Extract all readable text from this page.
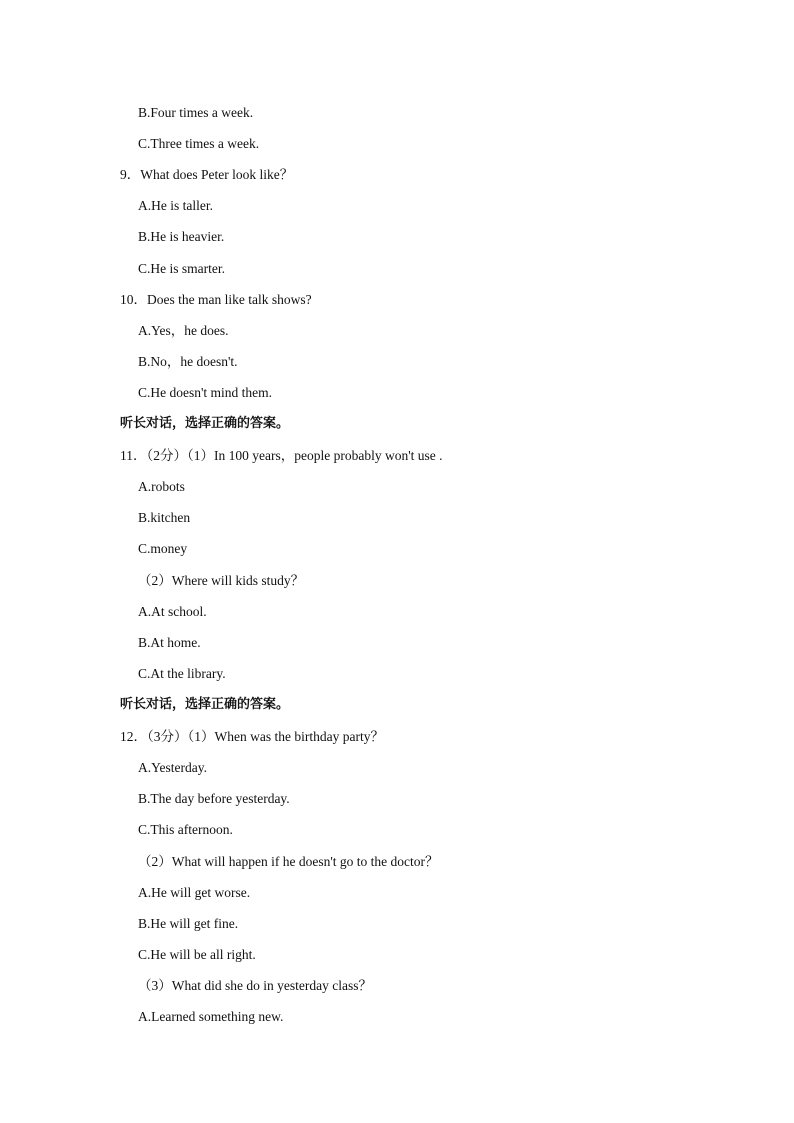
B.Four times a week.
C.Three times a week.
9．What does Peter look like？
A.He is taller.
B.He is heavier.
C.He is smarter.
10．Does the man like talk shows?
A.Yes，he does.
B.No，he doesn't.
C.He doesn't mind them.
听长对话，选择正确的答案。
11．（2分）（1）In 100 years，people probably won't use .
A.robots
B.kitchen
C.money
（2）Where will kids study？
A.At school.
B.At home.
C.At the library.
听长对话，选择正确的答案。
12．（3分）（1）When was the birthday party？
A.Yesterday.
B.The day before yesterday.
C.This afternoon.
（2）What will happen if he doesn't go to the doctor？
A.He will get worse.
B.He will get fine.
C.He will be all right.
（3）What did she do in yesterday class？
A.Learned something new.
